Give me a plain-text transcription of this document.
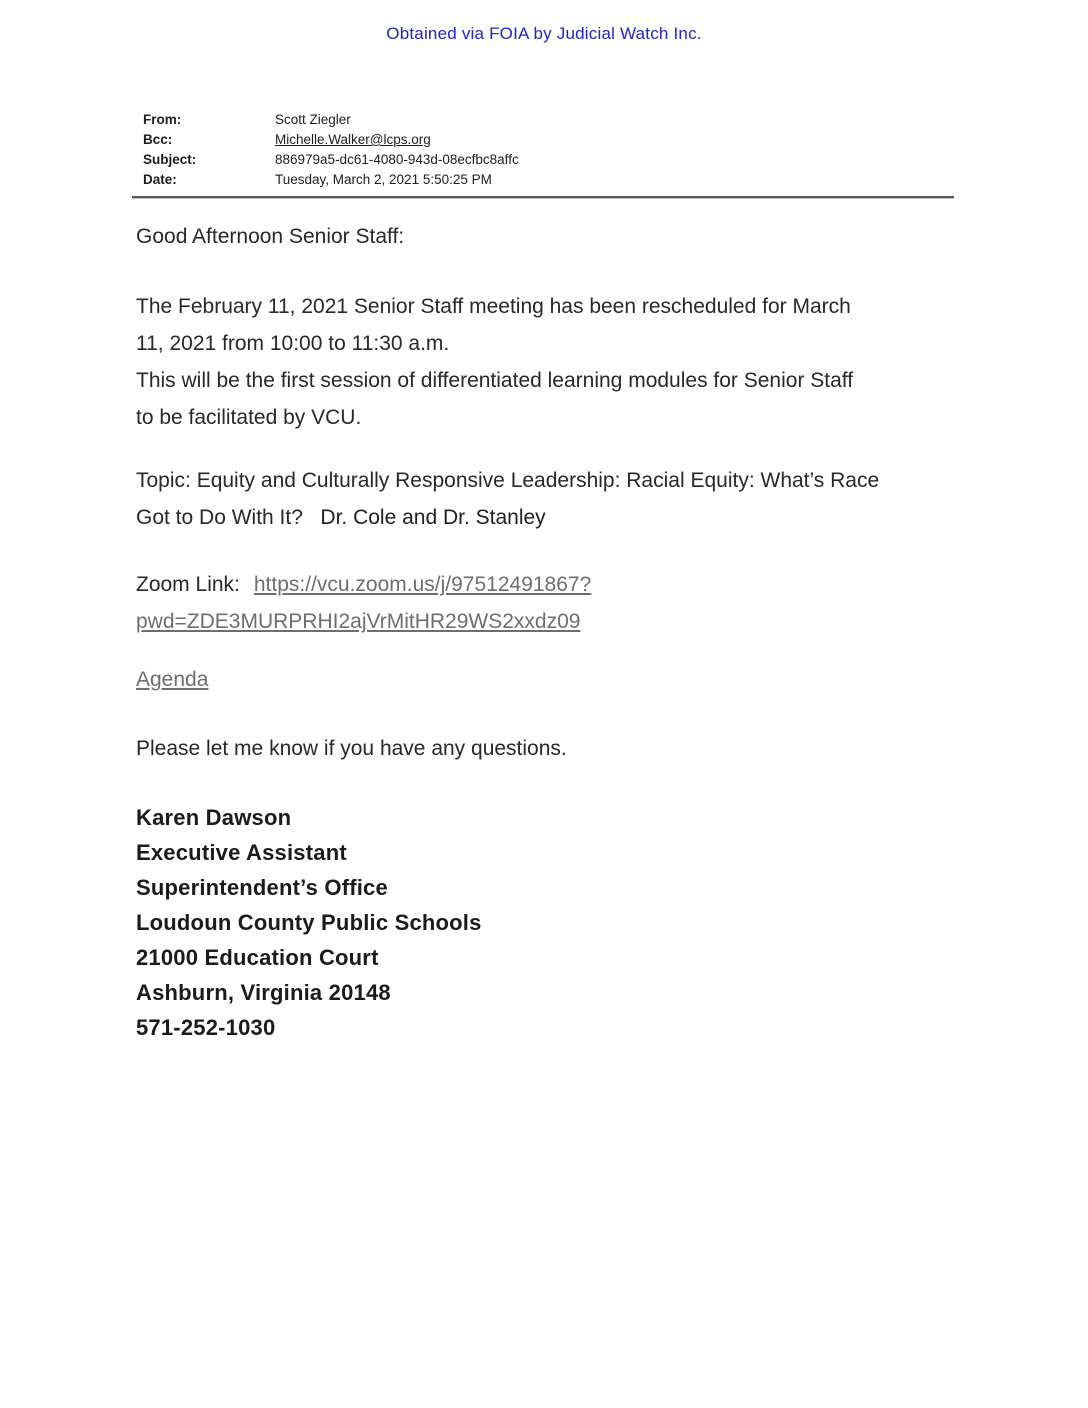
Obtained via FOIA by Judicial Watch Inc.
From:	Scott Ziegler
Bcc:	Michelle.Walker@lcps.org
Subject:	886979a5-dc61-4080-943d-08ecfbc8affc
Date:	Tuesday, March 2, 2021 5:50:25 PM

Good Afternoon Senior Staff:

The February 11, 2021 Senior Staff meeting has been rescheduled for March
11, 2021 from 10:00 to 11:30 a.m.

This will be the first session of differentiated learning modules for Senior Staff
to be facilitated by VCU.

Topic: Equity and Culturally Responsive Leadership: Racial Equity: What’s Race
Got to Do With It?   Dr. Cole and Dr. Stanley

Zoom Link: https://vcu.zoom.us/j/97512491867?
pwd=ZDE3MURPRHI2ajVrMitHR29WS2xxdz09

Agenda

Please let me know if you have any questions.

Karen Dawson
Executive Assistant
Superintendent’s Office
Loudoun County Public Schools
21000 Education Court
Ashburn, Virginia 20148
571-252-1030
